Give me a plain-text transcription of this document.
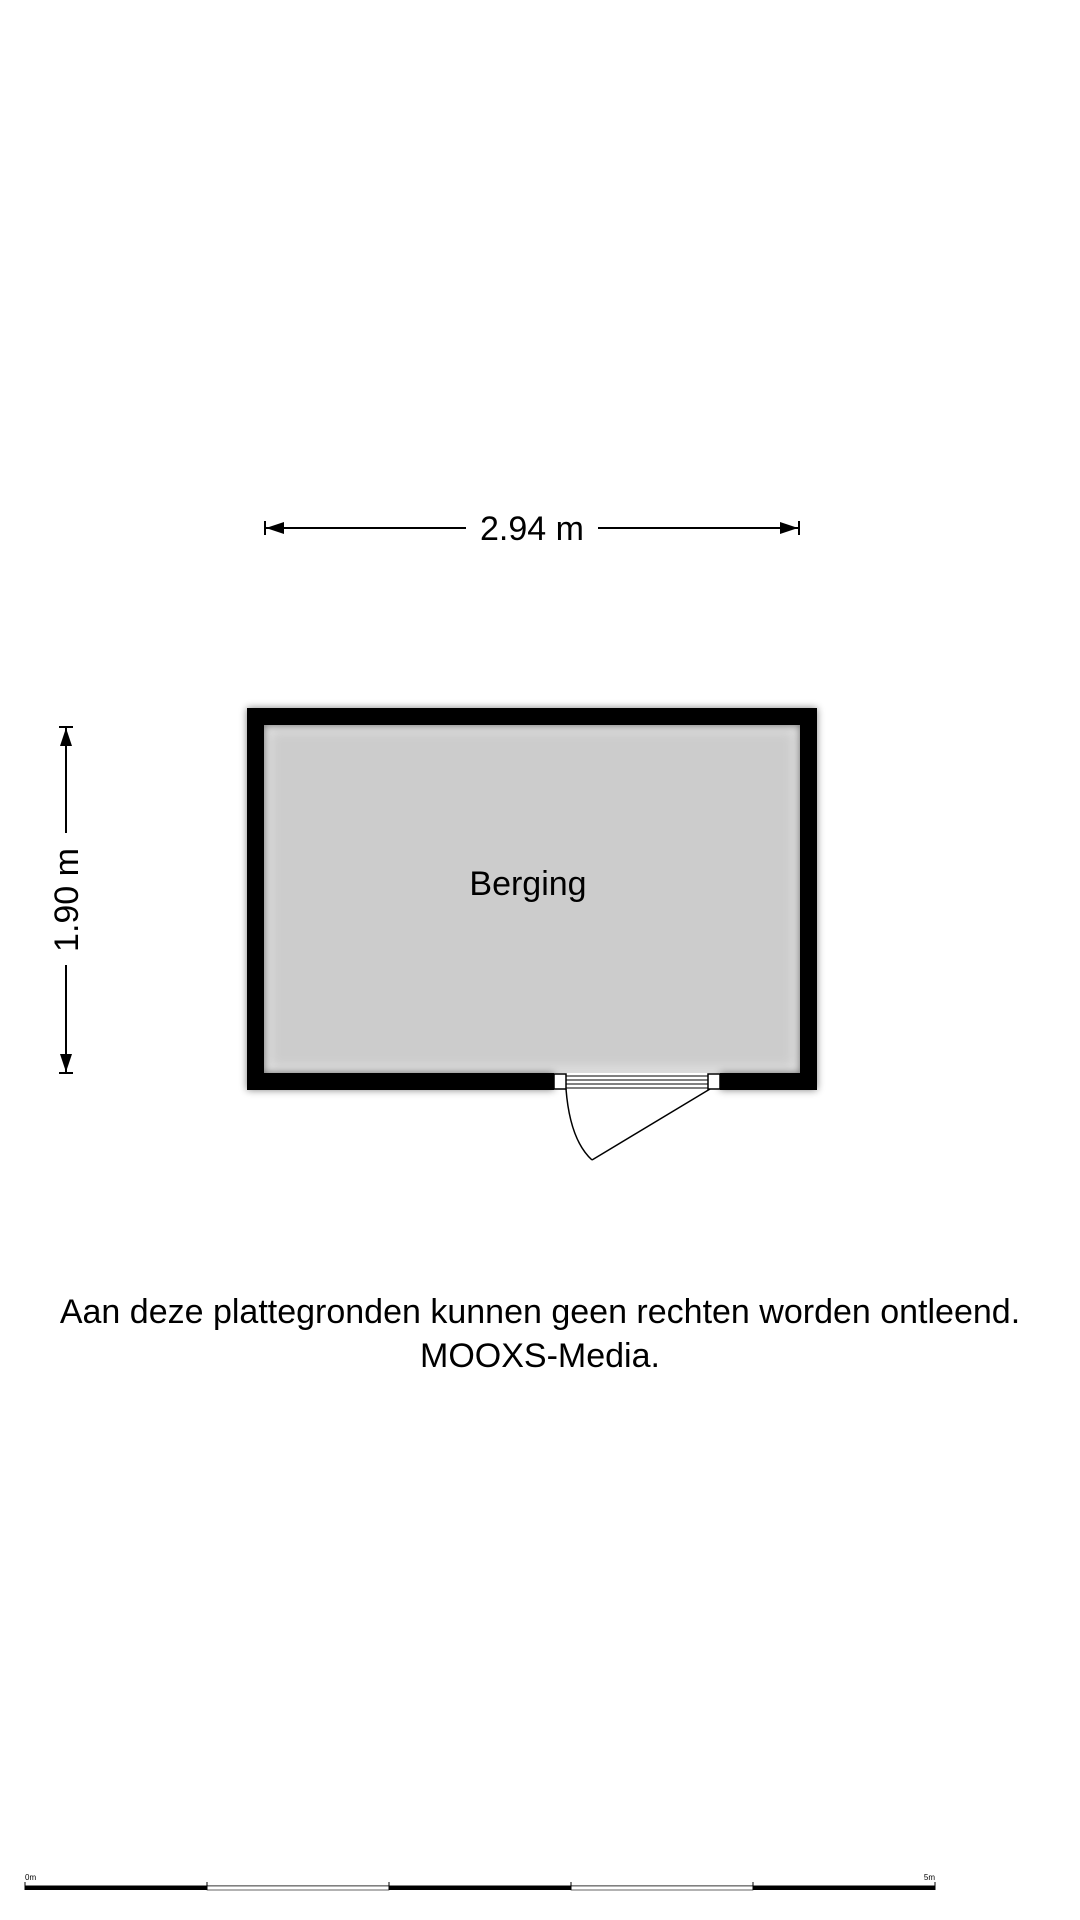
2.94 m
1.90 m	Berging
0m	5m
Aan deze plattegronden kunnen geen rechten worden ontleend.
MOOXS-Media.
